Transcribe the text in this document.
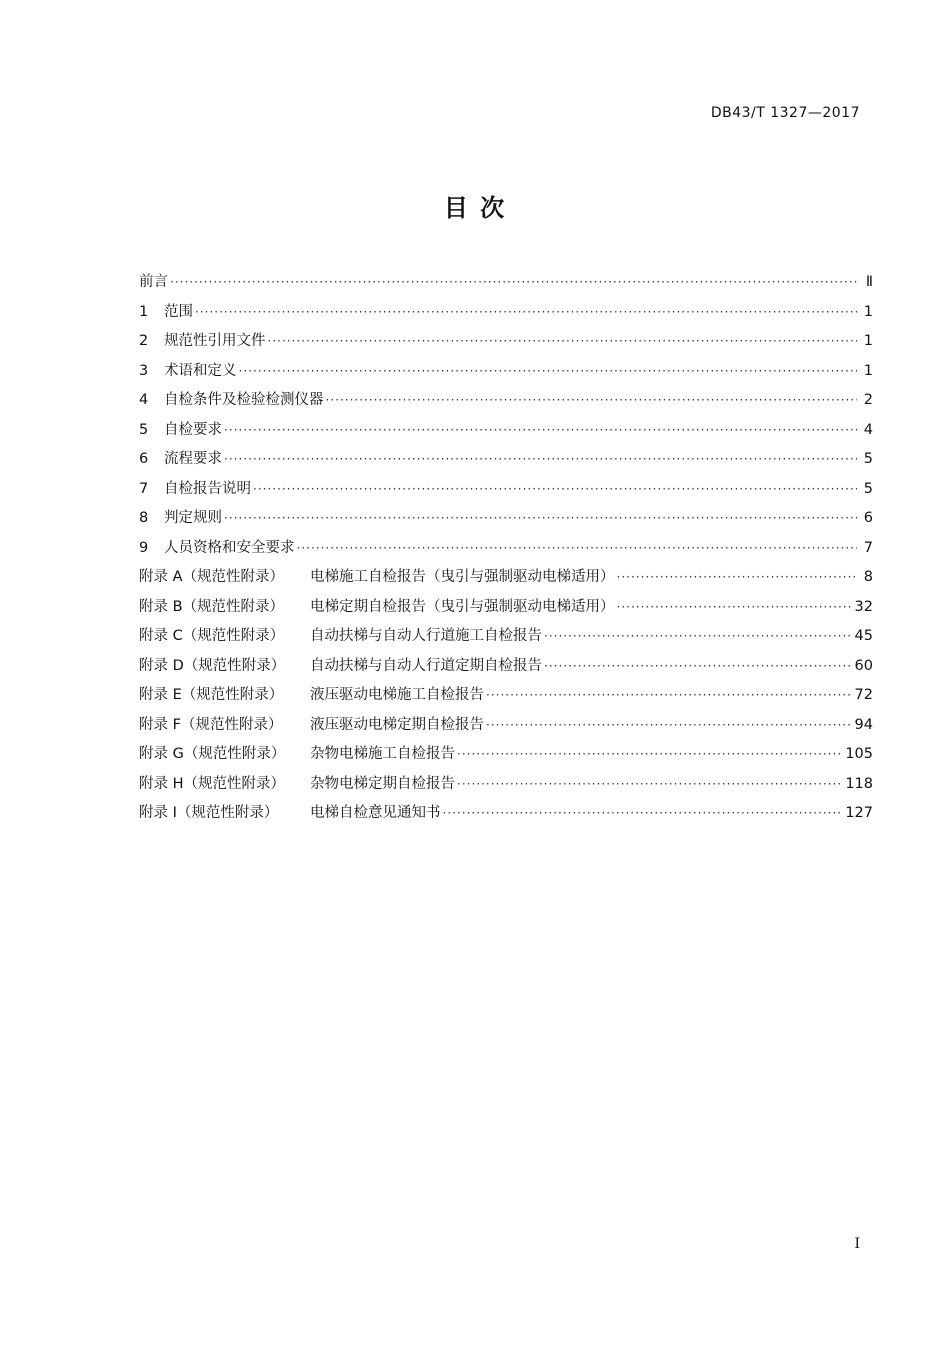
DB43/T 1327—2017
目 次
前言 ·····	Ⅱ
1	范围 ·····	1
2	规范性引用文件 ·····	1
3	术语和定义 ·····	1
4	自检条件及检验检测仪器 ·····	2
5	自检要求 ·····	4
6	流程要求 ·····	5
7	自检报告说明 ·····	5
8	判定规则 ·····	6
9	人员资格和安全要求 ·····	7
附录 A（规范性附录）	电梯施工自检报告（曳引与强制驱动电梯适用） ·····	8
附录 B（规范性附录）	电梯定期自检报告（曳引与强制驱动电梯适用） ·····	32
附录 C（规范性附录）	自动扶梯与自动人行道施工自检报告 ·····	45
附录 D（规范性附录）	自动扶梯与自动人行道定期自检报告 ·····	60
附录 E（规范性附录）	液压驱动电梯施工自检报告 ·····	72
附录 F（规范性附录）	液压驱动电梯定期自检报告 ·····	94
附录 G（规范性附录）	杂物电梯施工自检报告 ·····	105
附录 H（规范性附录）	杂物电梯定期自检报告 ·····	118
附录 I（规范性附录）	电梯自检意见通知书 ·····	127
I
